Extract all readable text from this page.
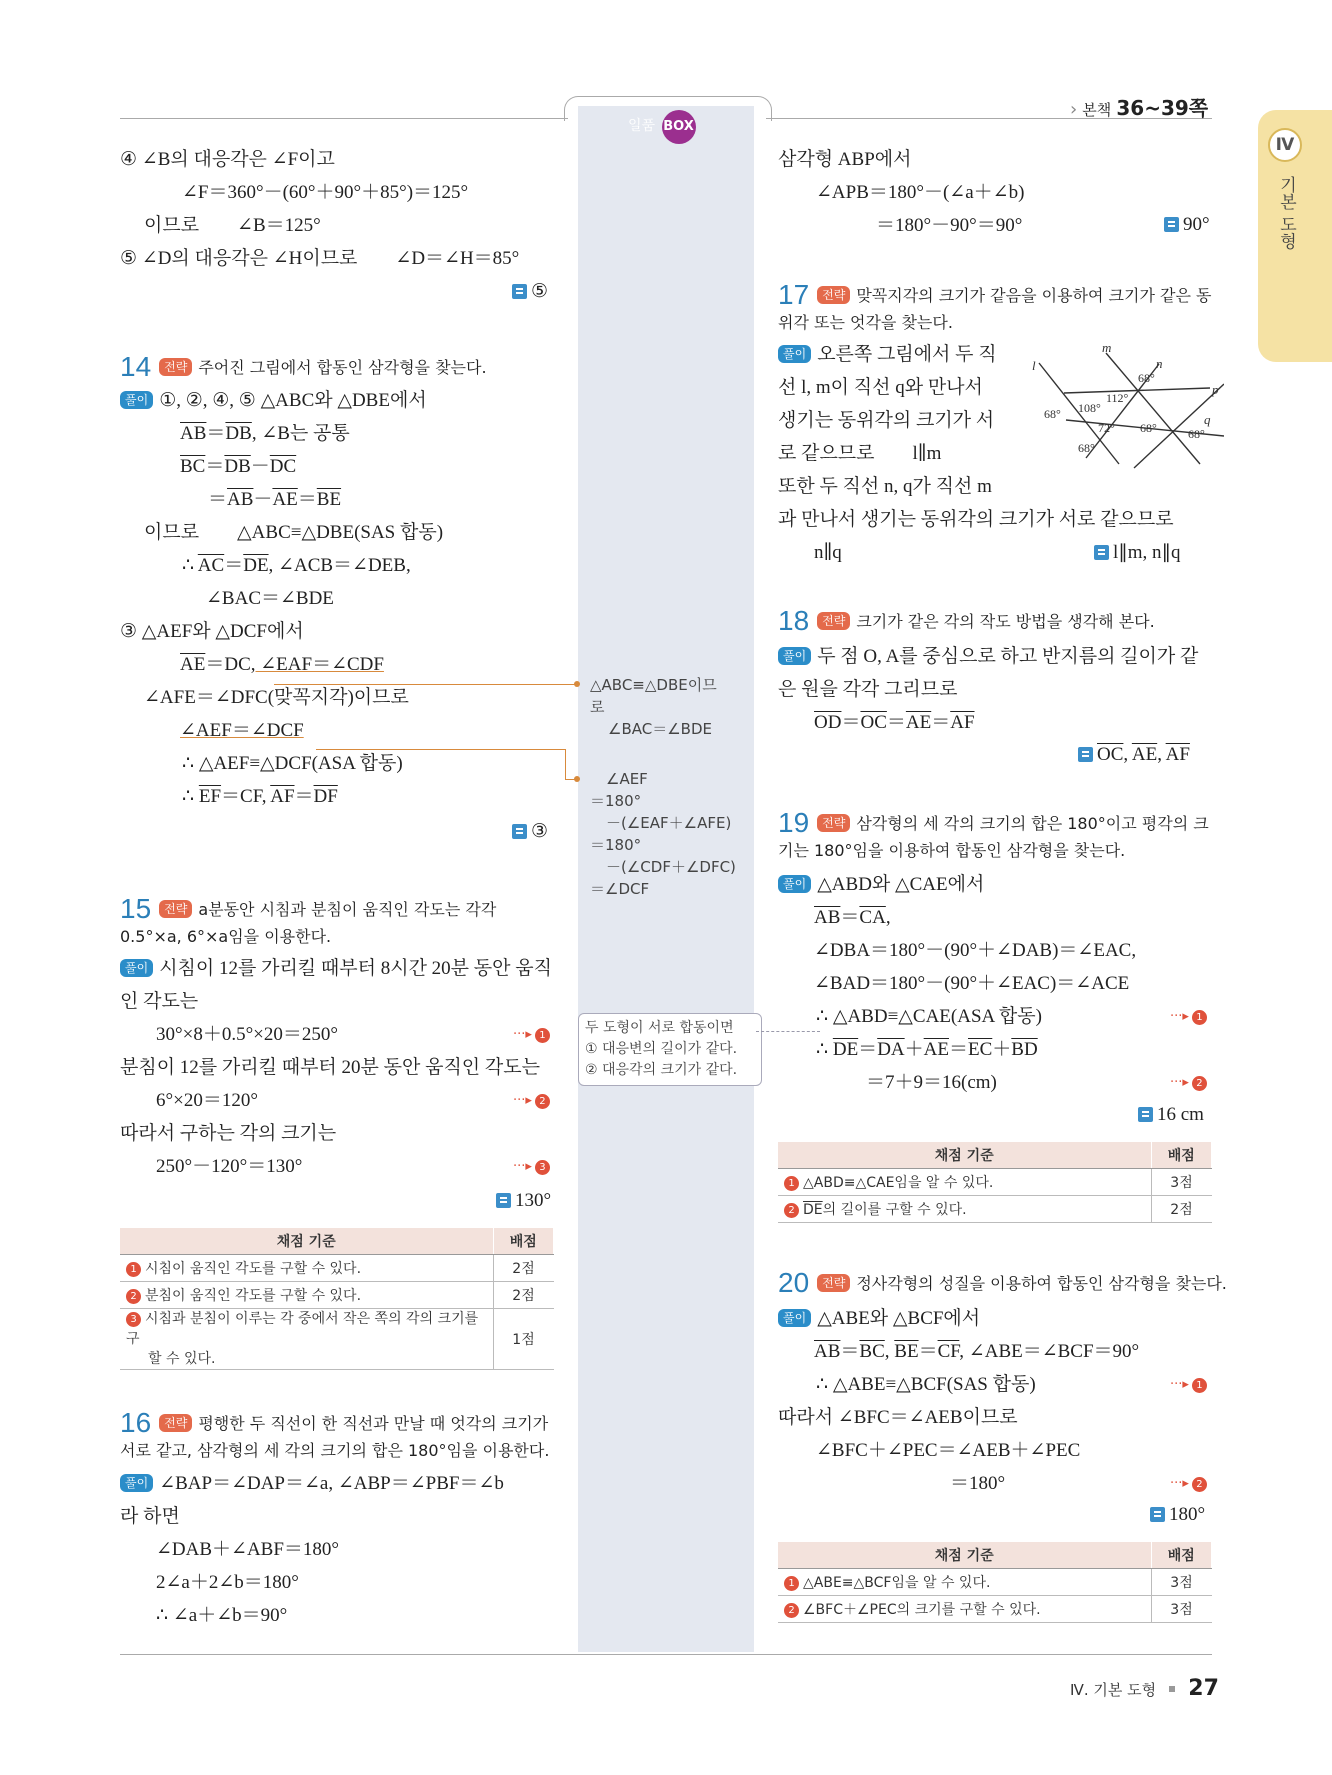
일품 BOX
› 본책 36~39쪽
Ⅳ
기본 도형
④ ∠B의 대응각은 ∠F이고
∠F＝360°－(60°＋90°＋85°)＝125°
이므로　　∠B＝125°
⑤ ∠D의 대응각은 ∠H이므로　　∠D＝∠H＝85°
⑤
14 전략 주어진 그림에서 합동인 삼각형을 찾는다.
풀이 ①, ②, ④, ⑤ △ABC와 △DBE에서
$\overline{AB}=\overline{DB}$, ∠B는 공통
$\overline{BC}=\overline{DB}-\overline{DC}$
$=\overline{AB}-\overline{AE}=\overline{BE}$
이므로　　△ABC≡△DBE(SAS 합동)
∴ $\overline{AC}=\overline{DE}$, ∠ACB＝∠DEB,
∠BAC＝∠BDE
③ △AEF와 △DCF에서
$\overline{AE}=DC$, ∠EAF＝∠CDF
∠AFE＝∠DFC(맞꼭지각)이므로
∠AEF＝∠DCF
∴ △AEF≡△DCF(ASA 합동)
∴ $\overline{EF}=CF$, $\overline{AF}=\overline{DF}$
③
15 전략 a분동안 시침과 분침이 움직인 각도는 각각
0.5°×a, 6°×a임을 이용한다.
풀이 시침이 12를 가리킬 때부터 8시간 20분 동안 움직
인 각도는
30°×8＋0.5°×20＝250°	···▸ 1
분침이 12를 가리킬 때부터 20분 동안 움직인 각도는
6°×20＝120°	···▸ 2
따라서 구하는 각의 크기는
250°－120°＝130°	···▸ 3
130°
채점 기준	배점
1 시침이 움직인 각도를 구할 수 있다.	2점
2 분침이 움직인 각도를 구할 수 있다.	2점
3 시침과 분침이 이루는 각 중에서 작은 쪽의 각의 크기를 구
할 수 있다.	1점
16 전략 평행한 두 직선이 한 직선과 만날 때 엇각의 크기가
서로 같고, 삼각형의 세 각의 크기의 합은 180°임을 이용한다.
풀이 ∠BAP＝∠DAP＝∠a, ∠ABP＝∠PBF＝∠b
라 하면
∠DAB＋∠ABF＝180°
2∠a＋2∠b＝180°
∴ ∠a＋∠b＝90°
△ABC≡△DBE이므
로
∠BAC＝∠BDE
∠AEF
＝180°
－(∠EAF＋∠AFE)
＝180°
－(∠CDF＋∠DFC)
＝∠DCF
두 도형이 서로 합동이면
① 대응변의 길이가 같다.
② 대응각의 크기가 같다.
삼각형 ABP에서
∠APB＝180°－(∠a＋∠b)
＝180°－90°＝90°	90°
17 전략 맞꼭지각의 크기가 같음을 이용하여 크기가 같은 동
위각 또는 엇각을 찾는다.
풀이 오른쪽 그림에서 두 직
선 l, m이 직선 q와 만나서
생기는 동위각의 크기가 서
로 같으므로　　l∥m
또한 두 직선 n, q가 직선 m
과 만나서 생기는 동위각의 크기가 서로 같으므로
n∥q	l∥m, n∥q
l
m
n
p
q
68°
112°
68° 108°
72° 68°	68°
68°
18 전략 크기가 같은 각의 작도 방법을 생각해 본다.
풀이 두 점 O, A를 중심으로 하고 반지름의 길이가 같
은 원을 각각 그리므로
$\overline{OD}=\overline{OC}=\overline{AE}=\overline{AF}$
$\overline{OC}$, $\overline{AE}$, $\overline{AF}$
19 전략 삼각형의 세 각의 크기의 합은 180°이고 평각의 크
기는 180°임을 이용하여 합동인 삼각형을 찾는다.
풀이 △ABD와 △CAE에서
$\overline{AB}=\overline{CA}$,
∠DBA＝180°－(90°＋∠DAB)＝∠EAC,
∠BAD＝180°－(90°＋∠EAC)＝∠ACE
∴ △ABD≡△CAE(ASA 합동)	···▸ 1
∴ $\overline{DE}=\overline{DA}+\overline{AE}=\overline{EC}+\overline{BD}$
＝7＋9＝16(cm)	···▸ 2
16 cm
채점 기준	배점
1 △ABD≡△CAE임을 알 수 있다.	3점
2 $\overline{DE}$의 길이를 구할 수 있다.	2점
20 전략 정사각형의 성질을 이용하여 합동인 삼각형을 찾는다.
풀이 △ABE와 △BCF에서
$\overline{AB}=\overline{BC}$, $\overline{BE}=\overline{CF}$, ∠ABE＝∠BCF＝90°
∴ △ABE≡△BCF(SAS 합동)	···▸ 1
따라서 ∠BFC＝∠AEB이므로
∠BFC＋∠PEC＝∠AEB＋∠PEC
＝180°	···▸ 2
180°
채점 기준	배점
1 △ABE≡△BCF임을 알 수 있다.	3점
2 ∠BFC＋∠PEC의 크기를 구할 수 있다.	3점
Ⅳ. 기본 도형 27
